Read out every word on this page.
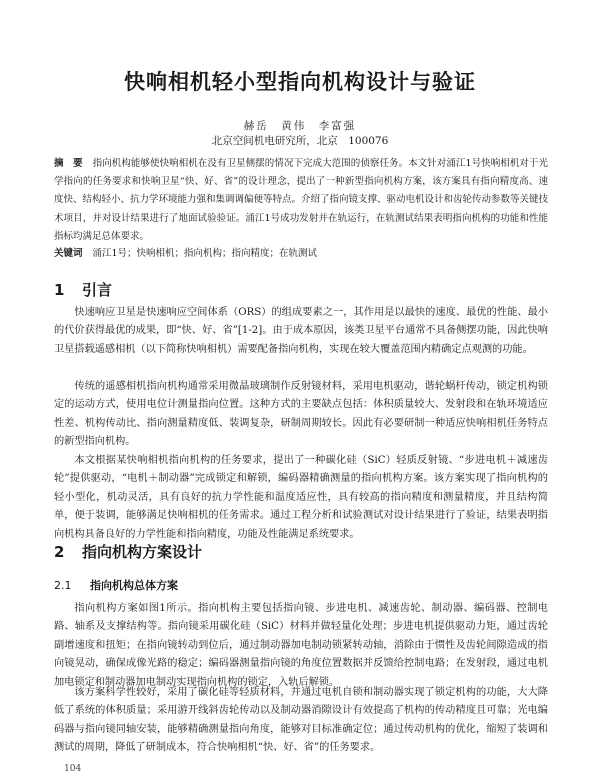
快响相机轻小型指向机构设计与验证
赫岳　黄伟　李富强
北京空间机电研究所，北京　100076

摘　要 指向机构能够使快响相机在没有卫星侧摆的情况下完成大范围的侦察任务。本文针对涌江1号快响相机对于光学指向的任务要求和快响卫星“快、好、省”的设计理念，提出了一种新型指向机构方案，该方案具有指向精度高、速度快、结构轻小、抗力学环境能力强和集调调偏便等特点。介绍了指向镜支撑、驱动电机设计和齿轮传动参数等关键技术项目，并对设计结果进行了地面试验验证。涌江1号成功发射并在轨运行，在轨测试结果表明指向机构的功能和性能指标均满足总体要求。

关键词 涌江1号；快响相机；指向机构；指向精度；在轨测试

1 引言

快速响应卫星是快速响应空间体系（ORS）的组成要素之一，其作用是以最快的速度、最优的性能、最小的代价获得最优的成果，即“快、好、省”[1-2]。由于成本原因，该类卫星平台通常不具备侧摆功能，因此快响卫星搭载遥感相机（以下简称快响相机）需要配备指向机构，实现在较大覆盖范围内精确定点观测的功能。

传统的遥感相机指向机构通常采用微晶玻璃制作反射镜材料，采用电机驱动，谐轮蜗杆传动，锁定机构锁定的运动方式，使用电位计测量指向位置。这种方式的主要缺点包括：体积质量较大、发射段和在轨环境适应性差、机构传动比、指向测量精度低、装调复杂，研制周期较长。因此有必要研制一种适应快响相机任务特点的新型指向机构。

本文根据某快响相机指向机构的任务要求，提出了一种碳化硅（SiC）轻质反射镜、“步进电机＋减速齿轮”提供驱动，“电机＋制动器”完成锁定和解锁，编码器精确测量的指向机构方案。该方案实现了指向机构的轻小型化，机动灵活，具有良好的抗力学性能和温度适应性，具有较高的指向精度和测量精度，并且结构简单，便于装调，能够满足快响相机的任务需求。通过工程分析和试验测试对设计结果进行了验证，结果表明指向机构具备良好的力学性能和指向精度，功能及性能满足系统要求。

2 指向机构方案设计
2.1 指向机构总体方案

指向机构方案如图1所示。指向机构主要包括指向镜、步进电机、减速齿轮、制动器、编码器、控制电路、轴系及支撑结构等。指向镜采用碳化硅（SiC）材料并做轻量化处理；步进电机提供驱动力矩，通过齿轮副增速度和扭矩；在指向镜转动到位后，通过制动器加电制动锁紧转动轴，消除由于惯性及齿轮间隙造成的指向镜晃动，确保成像光路的稳定；编码器测量指向镜的角度位置数据并反馈给控制电路；在发射段，通过电机加电锁定和制动器加电制动实现指向机构的锁定，入轨后解锁。

该方案科学性较好，采用了碳化硅等轻质材料，并通过电机自锁和制动器实现了锁定机构的功能，大大降低了系统的体积质量；采用游开线斜齿轮传动以及制动器消隙设计有效提高了机构的传动精度且可靠；光电编码器与指向镜同轴安装，能够精确测量指向角度，能够对目标准确定位；通过传动机构的优化，缩短了装调和测试的周期，降低了研制成本，符合快响相机“快、好、省”的任务要求。

104
